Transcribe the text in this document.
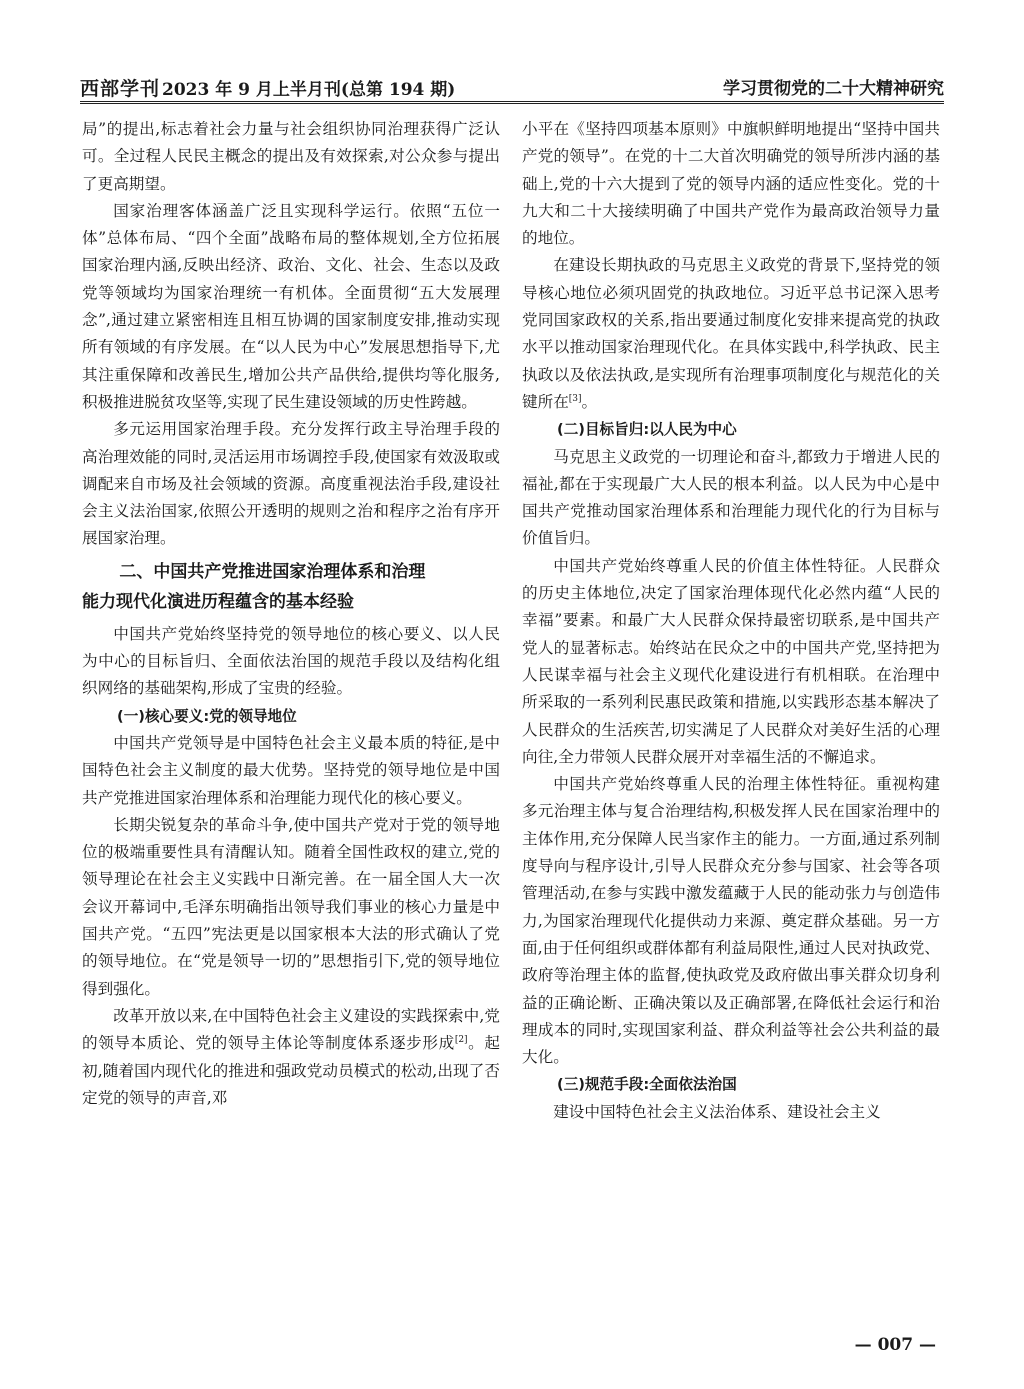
西部学刊 2023 年 9 月上半月刊(总第 194 期)	学习贯彻党的二十大精神研究

局”的提出,标志着社会力量与社会组织协同治理获得广泛认可。全过程人民民主概念的提出及有效探索,对公众参与提出了更高期望。

国家治理客体涵盖广泛且实现科学运行。依照“五位一体”总体布局、“四个全面”战略布局的整体规划,全方位拓展国家治理内涵,反映出经济、政治、文化、社会、生态以及政党等领域均为国家治理统一有机体。全面贯彻“五大发展理念”,通过建立紧密相连且相互协调的国家制度安排,推动实现所有领域的有序发展。在“以人民为中心”发展思想指导下,尤其注重保障和改善民生,增加公共产品供给,提供均等化服务,积极推进脱贫攻坚等,实现了民生建设领域的历史性跨越。

多元运用国家治理手段。充分发挥行政主导治理手段的高治理效能的同时,灵活运用市场调控手段,使国家有效汲取或调配来自市场及社会领域的资源。高度重视法治手段,建设社会主义法治国家,依照公开透明的规则之治和程序之治有序开展国家治理。

二、中国共产党推进国家治理体系和治理
能力现代化演进历程蕴含的基本经验

中国共产党始终坚持党的领导地位的核心要义、以人民为中心的目标旨归、全面依法治国的规范手段以及结构化组织网络的基础架构,形成了宝贵的经验。

(一)核心要义:党的领导地位

中国共产党领导是中国特色社会主义最本质的特征,是中国特色社会主义制度的最大优势。坚持党的领导地位是中国共产党推进国家治理体系和治理能力现代化的核心要义。

长期尖锐复杂的革命斗争,使中国共产党对于党的领导地位的极端重要性具有清醒认知。随着全国性政权的建立,党的领导理论在社会主义实践中日渐完善。在一届全国人大一次会议开幕词中,毛泽东明确指出领导我们事业的核心力量是中国共产党。“五四”宪法更是以国家根本大法的形式确认了党的领导地位。在“党是领导一切的”思想指引下,党的领导地位得到强化。

改革开放以来,在中国特色社会主义建设的实践探索中,党的领导本质论、党的领导主体论等制度体系逐步形成[2]。起初,随着国内现代化的推进和强政党动员模式的松动,出现了否定党的领导的声音,邓

小平在《坚持四项基本原则》中旗帜鲜明地提出“坚持中国共产党的领导”。在党的十二大首次明确党的领导所涉内涵的基础上,党的十六大提到了党的领导内涵的适应性变化。党的十九大和二十大接续明确了中国共产党作为最高政治领导力量的地位。

在建设长期执政的马克思主义政党的背景下,坚持党的领导核心地位必须巩固党的执政地位。习近平总书记深入思考党同国家政权的关系,指出要通过制度化安排来提高党的执政水平以推动国家治理现代化。在具体实践中,科学执政、民主执政以及依法执政,是实现所有治理事项制度化与规范化的关键所在[3]。

(二)目标旨归:以人民为中心

马克思主义政党的一切理论和奋斗,都致力于增进人民的福祉,都在于实现最广大人民的根本利益。以人民为中心是中国共产党推动国家治理体系和治理能力现代化的行为目标与价值旨归。

中国共产党始终尊重人民的价值主体性特征。人民群众的历史主体地位,决定了国家治理体现代化必然内蕴“人民的幸福”要素。和最广大人民群众保持最密切联系,是中国共产党人的显著标志。始终站在民众之中的中国共产党,坚持把为人民谋幸福与社会主义现代化建设进行有机相联。在治理中所采取的一系列利民惠民政策和措施,以实践形态基本解决了人民群众的生活疾苦,切实满足了人民群众对美好生活的心理向往,全力带领人民群众展开对幸福生活的不懈追求。

中国共产党始终尊重人民的治理主体性特征。重视构建多元治理主体与复合治理结构,积极发挥人民在国家治理中的主体作用,充分保障人民当家作主的能力。一方面,通过系列制度导向与程序设计,引导人民群众充分参与国家、社会等各项管理活动,在参与实践中激发蕴藏于人民的能动张力与创造伟力,为国家治理现代化提供动力来源、奠定群众基础。另一方面,由于任何组织或群体都有利益局限性,通过人民对执政党、政府等治理主体的监督,使执政党及政府做出事关群众切身利益的正确论断、正确决策以及正确部署,在降低社会运行和治理成本的同时,实现国家利益、群众利益等社会公共利益的最大化。

(三)规范手段:全面依法治国

建设中国特色社会主义法治体系、建设社会主义

— 007 —
